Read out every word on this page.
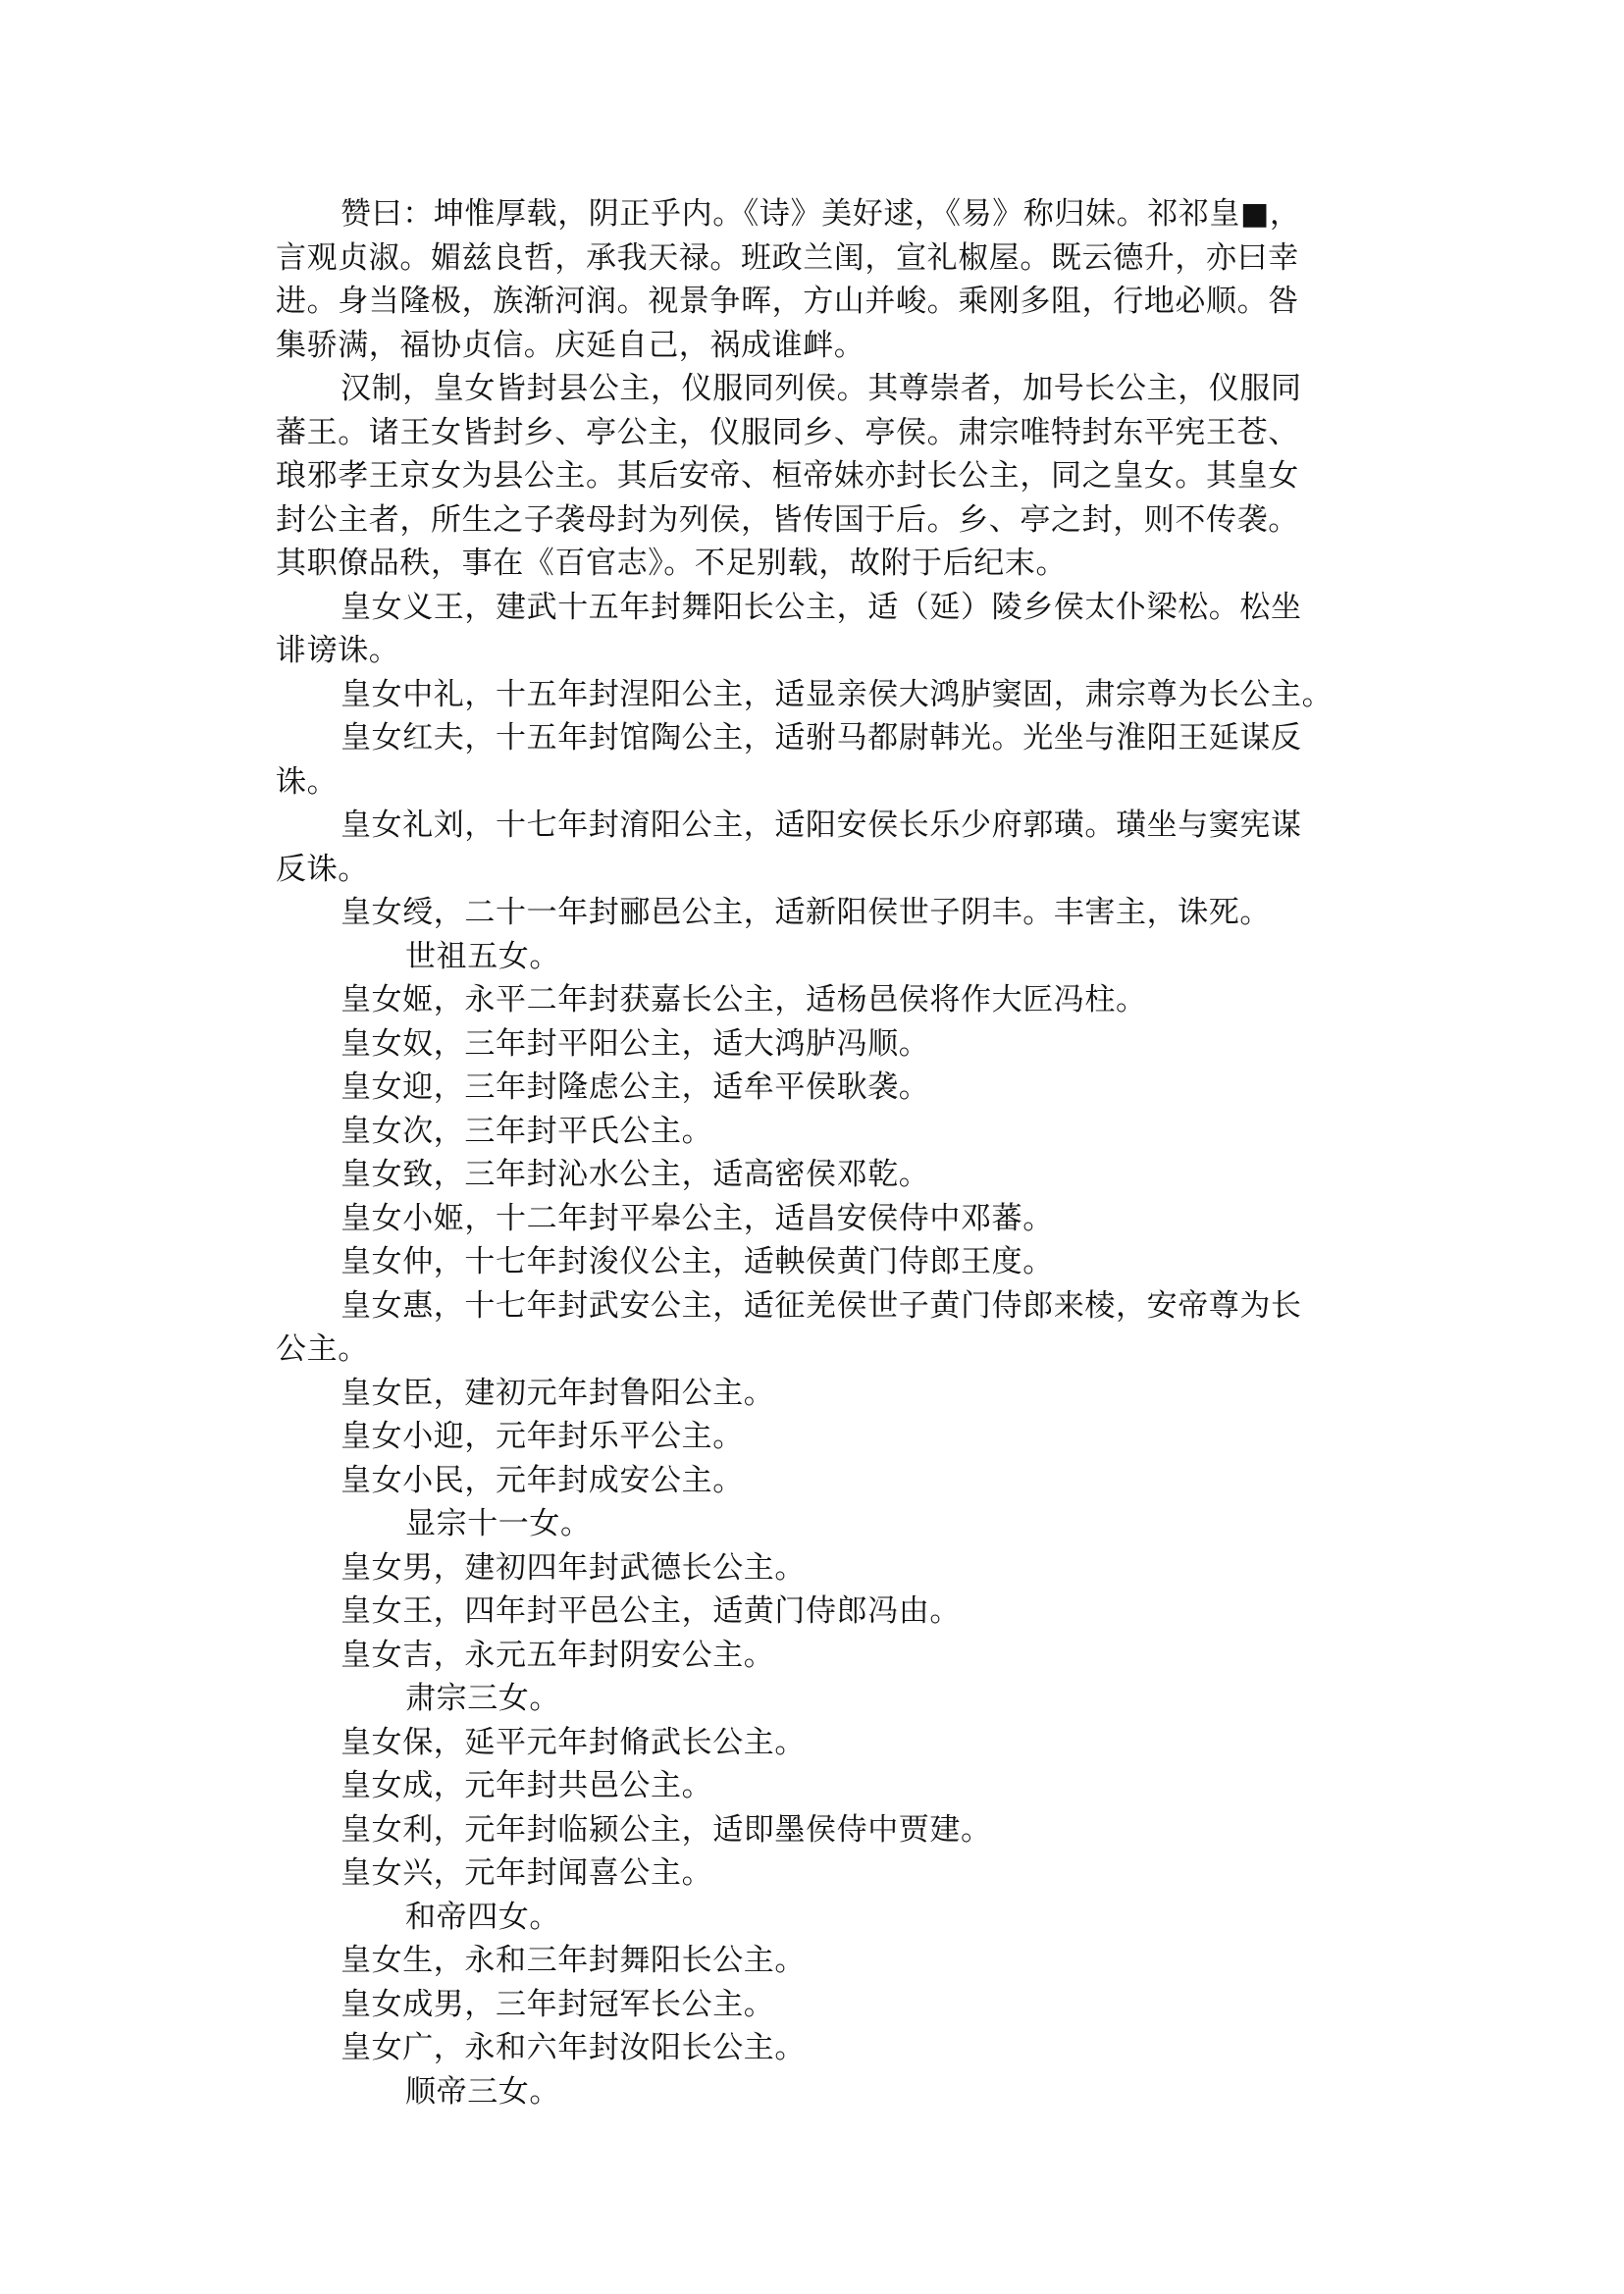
赞曰：坤惟厚载，阴正乎内。《诗》美好逑，《易》称归妹。祁祁皇■，
言观贞淑。媚兹良哲，承我天禄。班政兰闺，宣礼椒屋。既云德升，亦曰幸
进。身当隆极，族渐河润。视景争晖，方山并峻。乘刚多阻，行地必顺。咎
集骄满，福协贞信。庆延自己，祸成谁衅。
汉制，皇女皆封县公主，仪服同列侯。其尊崇者，加号长公主，仪服同
蕃王。诸王女皆封乡、亭公主，仪服同乡、亭侯。肃宗唯特封东平宪王苍、
琅邪孝王京女为县公主。其后安帝、桓帝妹亦封长公主，同之皇女。其皇女
封公主者，所生之子袭母封为列侯，皆传国于后。乡、亭之封，则不传袭。
其职僚品秩，事在《百官志》。不足别载，故附于后纪末。
皇女义王，建武十五年封舞阳长公主，适（延）陵乡侯太仆梁松。松坐
诽谤诛。
皇女中礼，十五年封涅阳公主，适显亲侯大鸿胪窦固，肃宗尊为长公主。
皇女红夫，十五年封馆陶公主，适驸马都尉韩光。光坐与淮阳王延谋反
诛。
皇女礼刘，十七年封淯阳公主，适阳安侯长乐少府郭璜。璜坐与窦宪谋
反诛。
皇女绶，二十一年封郦邑公主，适新阳侯世子阴丰。丰害主，诛死。
世祖五女。
皇女姬，永平二年封获嘉长公主，适杨邑侯将作大匠冯柱。
皇女奴，三年封平阳公主，适大鸿胪冯顺。
皇女迎，三年封隆虑公主，适牟平侯耿袭。
皇女次，三年封平氏公主。
皇女致，三年封沁水公主，适高密侯邓乾。
皇女小姬，十二年封平皋公主，适昌安侯侍中邓蕃。
皇女仲，十七年封浚仪公主，适軮侯黄门侍郎王度。
皇女惠，十七年封武安公主，适征羌侯世子黄门侍郎来棱，安帝尊为长
公主。
皇女臣，建初元年封鲁阳公主。
皇女小迎，元年封乐平公主。
皇女小民，元年封成安公主。
显宗十一女。
皇女男，建初四年封武德长公主。
皇女王，四年封平邑公主，适黄门侍郎冯由。
皇女吉，永元五年封阴安公主。
肃宗三女。
皇女保，延平元年封脩武长公主。
皇女成，元年封共邑公主。
皇女利，元年封临颍公主，适即墨侯侍中贾建。
皇女兴，元年封闻喜公主。
和帝四女。
皇女生，永和三年封舞阳长公主。
皇女成男，三年封冠军长公主。
皇女广，永和六年封汝阳长公主。
顺帝三女。
